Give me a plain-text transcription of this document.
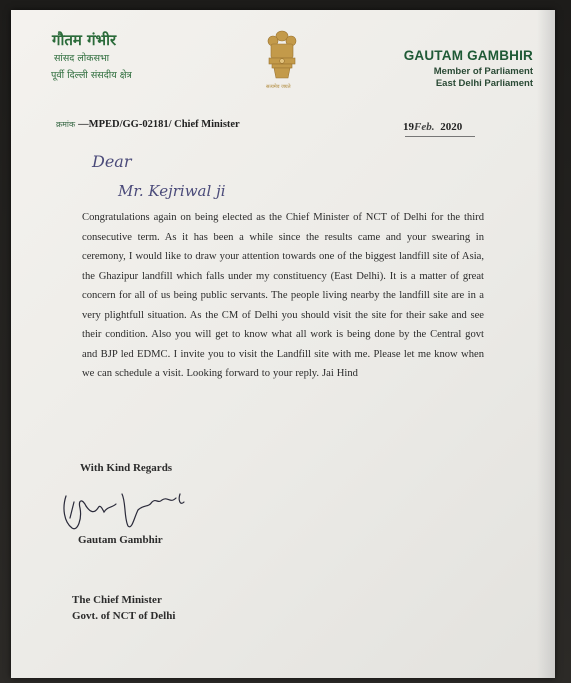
गौतम गंभीर
सांसद लोकसभा
पूर्वी दिल्ली संसदीय क्षेत्र
सत्यमेव जयते
GAUTAM GAMBHIR
Member of Parliament
East Delhi Parliament
क्रमांक —MPED/GG-02181/ Chief Minister	19Feb. 2020
Dear
Mr. Kejriwal ji
Congratulations again on being elected as the Chief Minister of NCT of Delhi for the third consecutive term. As it has been a while since the results came and your swearing in ceremony, I would like to draw your attention towards one of the biggest landfill site of Asia, the Ghazipur landfill which falls under my constituency (East Delhi). It is a matter of great concern for all of us being public servants. The people living nearby the landfill site are in a very plightfull situation. As the CM of Delhi you should visit the site for their sake and see their condition. Also you will get to know what all work is being done by the Central govt and BJP led EDMC. I invite you to visit the Landfill site with me. Please let me know when we can schedule a visit. Looking forward to your reply. Jai Hind
With Kind Regards
Gautam Gambhir
The Chief Minister
Govt. of NCT of Delhi
